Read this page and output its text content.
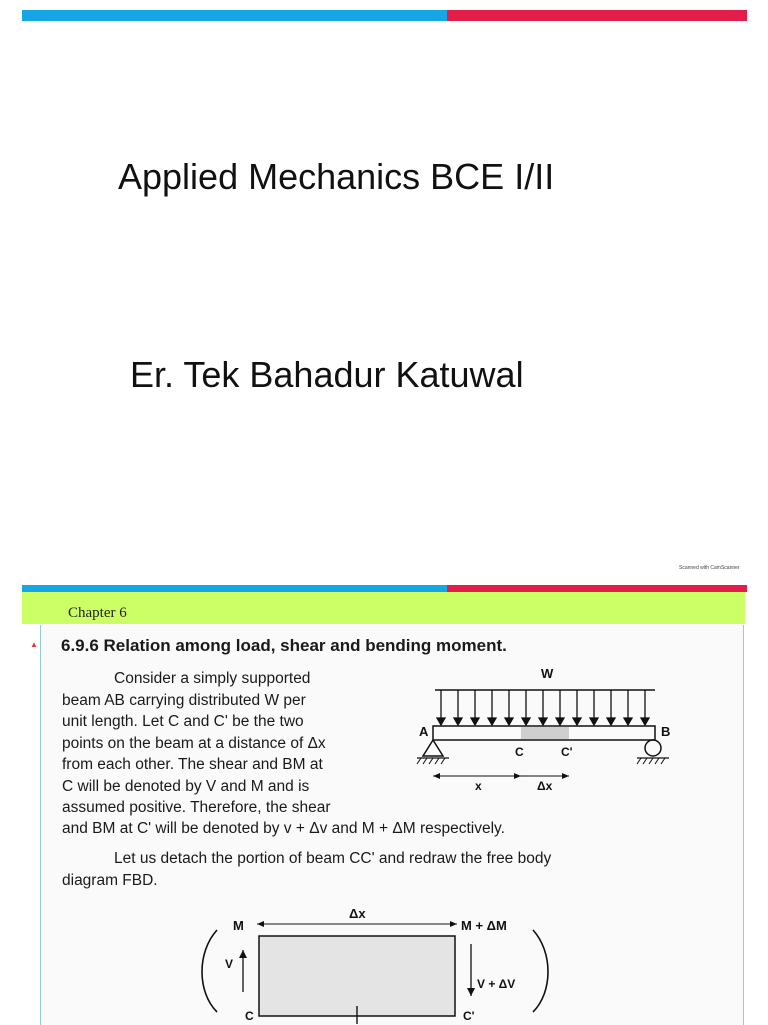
Applied Mechanics BCE I/II
Er. Tek Bahadur Katuwal
Scanned with CamScanner
Chapter 6
▲ 6.9.6 Relation among load, shear and bending moment.
Consider a simply supported
beam AB carrying distributed W per
unit length. Let C and C' be the two
points on the beam at a distance of Δx
from each other. The shear and BM at
C will be denoted by V and M and is
assumed positive. Therefore, the shear
and BM at C' will be denoted by v + Δv and M + ΔM respectively.
Let us detach the portion of beam CC' and redraw the free body
diagram FBD.
W
A	B
C	C'
x	Δx
M
Δx
M + ΔM
V
V + ΔV
C	C'
